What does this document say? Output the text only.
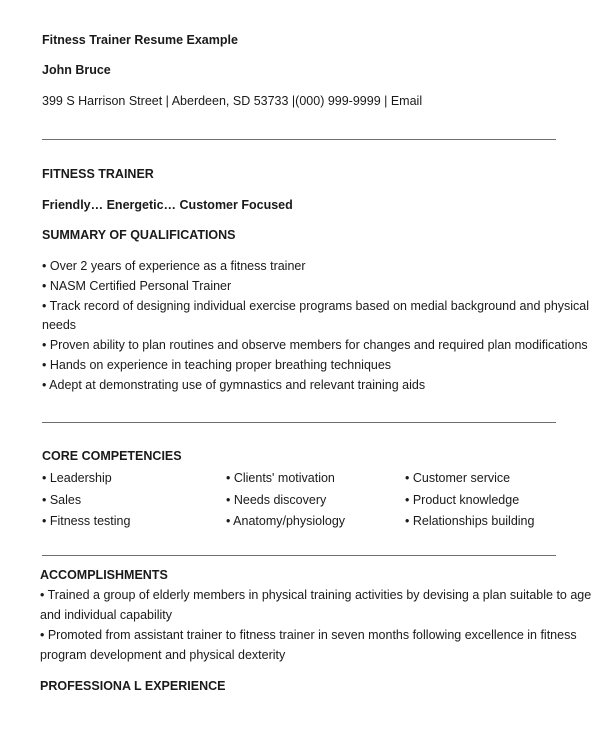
Fitness Trainer Resume Example
John Bruce
399 S Harrison Street | Aberdeen, SD 53733 |(000) 999-9999 | Email
FITNESS TRAINER
Friendly… Energetic… Customer Focused
SUMMARY OF QUALIFICATIONS
• Over 2 years of experience as a fitness trainer
• NASM Certified Personal Trainer
• Track record of designing individual exercise programs based on medial background and physical
needs
• Proven ability to plan routines and observe members for changes and required plan modifications
• Hands on experience in teaching proper breathing techniques
• Adept at demonstrating use of gymnastics and relevant training aids
CORE COMPETENCIES
• Leadership	• Clients' motivation	• Customer service
• Sales	• Needs discovery	• Product knowledge
• Fitness testing	• Anatomy/physiology	• Relationships building
ACCOMPLISHMENTS
• Trained a group of elderly members in physical training activities by devising a plan suitable to age
and individual capability
• Promoted from assistant trainer to fitness trainer in seven months following excellence in fitness
program development and physical dexterity
PROFESSIONA L EXPERIENCE
